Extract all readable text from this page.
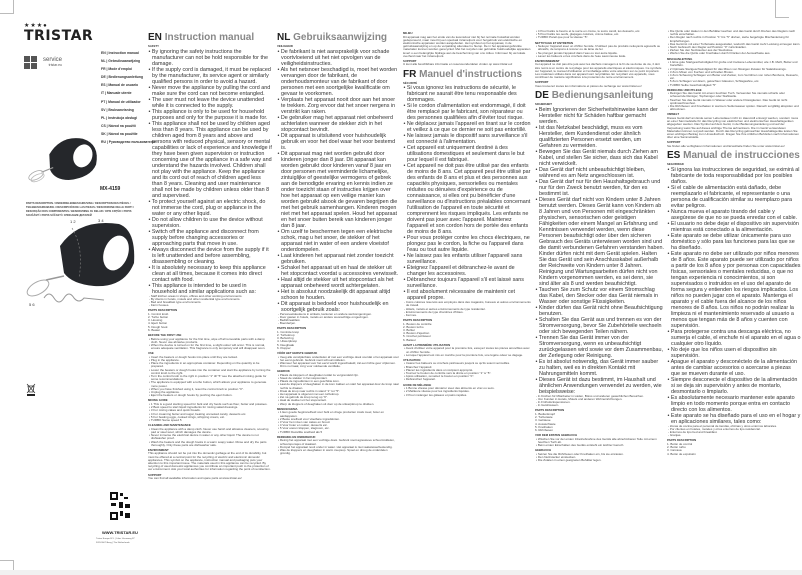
★★★●
TRISTAR
service
tristar.eu
EN | Instruction manual
NL | Gebruiksaanwijzing
FR | Mode d'emploi
DE | Bedienungsanleitung
ES | Manual de usuario
IT | Manuale utente
PT | Manual de utilizador
SV | Bruksanvisning
PL | Instrukcja obsługi
CS | Návod na použití
SK | Návod na použitie
RU | Руководство пользователя
MX-4159
PARTS DESCRIPTION / ONDERDELENBESCHRIJVING / DESCRIPTION DES PIÈCES / TEILEBESCHREIBUNG / DESCRIPCIÓN DE LAS PIEZAS / DESCRIZIONE DELLE PARTI / DESCRIÇÃO DOS COMPONENTES / BESKRIVNING AV DELAR / OPIS CZĘŚCI / POPIS SOUČÁSTÍ / POPIS SÚČASTÍ / ОПИСАНИЕ ДЕТАЛЕЙ
1 2	3 4
5 6
WWW.TRISTAR.EU
Tristar Europe B.V. | Jules Verneweg 87
5015 BH Tilburg | The Netherlands
EN Instruction manual
SAFETY
• By ignoring the safety instructions the manufacturer can not be hold responsible for the damage.
• If the supply cord is damaged, it must be replaced by the manufacturer, its service agent or similarly qualified persons in order to avoid a hazard.
• Never move the appliance by pulling the cord and make sure the cord can not become entangled.
• The user must not leave the device unattended while it is connected to the supply.
• This appliance is only to be used for household purposes and only for the purpose it is made for.
• This appliance shall not be used by children aged less than 8 years. This appliance can be used by children aged from 8 years and above and persons with reduced physical, sensory or mental capabilities or lack of experience and knowledge if they have been given supervision or instruction concerning use of the appliance in a safe way and understand the hazards involved. Children shall not play with the appliance. Keep the appliance and its cord out of reach of children aged less than 8 years. Cleaning and user maintenance shall not be made by children unless older than 8 and supervised.
• To protect yourself against an electric shock, do not immerse the cord, plug or appliance in the water or any other liquid.
• Do not allow children to use the device without supervision.
• Switch off the appliance and disconnect from supply before changing accessories or approaching parts that move in use.
• Always disconnect the device from the supply if it is left unattended and before assembling, disassembling or cleaning.
• It is absolutely necessary to keep this appliance clean at all times, because it comes into direct contact with food.
• This appliance is intended to be used in household and similar applications such as:
- Staff kitchen areas in shops, offices and other working environments.
- By clients in hotels, motels and other residential type environments.
- Bed and breakfast type environments.
- Farm houses.
PARTS DESCRIPTION
1. Control knob
2. Turbo button
3. Housing
4. Eject button
5. Dough hook
6. Beater
BEFORE THE FIRST USE
• Before using your appliance for the first time, wipe off all removable parts with a damp cloth. Never use abrasive products.
• When the device is turned on for the first time, a slight odour will occur. This is normal, ensure adequate ventilation. This fragrance is only temporary and will disappear soon.
USE
• Insert the beaters or dough hooks into place until they are locked.
• Plug in the appliance.
• Place the ingredients in an appropriate container. Depending on the quantity to be prepared.
• Lower the beaters or dough hooks into the container and start the appliance by turning the control knob to the right.
• Turn the control knob to the right in position "1" till "5" see the attached mixing guide for some recommendations.
• The appliance is equipped with a turbo button, which allows your appliance to generate more power.
• When you have finished using it, reset the control knob to position "0".
• Unplug the appliance.
• Eject the beaters or dough hooks by pushing the eject button.
MIXING GUIDE
• 1 This is a good starting speed for bulk and dry foods such as flour, butter and potatoes.
• 2 Best speed to start liquid ingredients for mixing salad dressings.
• 3 For mixing cakes and quick breads.
• 4 For creaming butter and sugar, beating uncooked candy, desserts etc.
• 5 For beating eggs, cooked icings, whipping cream, etc.
• TURBO Same speed 5
CLEANING AND MAINTENANCE
• Clean the appliance with a damp cloth. Never use harsh and abrasive cleaners, scouring pad or steel wool, which damages the device.
• Never immerse the electrical device in water or any other liquid. The device is not dishwasher proof.
• Wash the beaters and the dough hooks in a warm soapy water. Rinse and dry the parts thoroughly. Only these parts are dishwasher safe.
ENVIRONMENT
This appliance should not be put into the domestic garbage at the end of its durability, but must be offered at a central point for the recycling of electric and electronic domestic appliances. This symbol on the appliance, instruction manual and packaging puts your attention to this important issue. The materials used in this appliance can be recycled. By recycling of used domestic appliances you contribute an important push to the protection of our environment. Ask your local authorities for information regarding the point of recollection.
SUPPORT
You can find all available information and spare parts at www.tristar.eu!
NL Gebruiksaanwijzing
VEILIGHEID
• De fabrikant is niet aansprakelijk voor schade voortvloeiend uit het niet opvolgen van de veiligheidsinstructies.
• Als het netsnoer beschadigd is, moet het worden vervangen door de fabrikant, de onderhoudsmonteur van de fabrikant of door personen met een soortgelijke kwalificatie om gevaar te voorkomen.
• Verplaats het apparaat nooit door aan het snoer te trekken. Zorg ervoor dat het snoer nergens in verstrikt kan raken.
• De gebruiker mag het apparaat niet onbeheerd achterlaten wanneer de stekker zich in het stopcontact bevindt.
• Dit apparaat is uitsluitend voor huishoudelijk gebruik en voor het doel waar het voor bestemd is.
• Dit apparaat mag niet worden gebruikt door kinderen jonger dan 8 jaar. Dit apparaat kan worden gebruikt door kinderen vanaf 8 jaar en door personen met verminderde lichamelijke, zintuiglijke of geestelijke vermogens of gebrek aan de benodigde ervaring en kennis indien ze onder toezicht staan of instructies krijgen over hoe het apparaat op een veilige manier kan worden gebruikt alsook de gevaren begrijpen die met het gebruik samenhangen. Kinderen mogen niet met het apparaat spelen. Houd het apparaat en het snoer buiten bereik van kinderen jonger dan 8 jaar.
• Om uzelf te beschermen tegen een elektrische schok, mag u het snoer, de stekker of het apparaat niet in water of een andere vloeistof onderdompelen.
• Laat kinderen het apparaat niet zonder toezicht gebruiken.
• Schakel het apparaat uit en haal de stekker uit het stopcontact voordat u accessoires verwisselt.
• Haal altijd de stekker uit het stopcontact als het apparaat onbeheerd wordt achtergelaten.
• Het is absoluut noodzakelijk dit apparaat altijd schoon te houden.
• Dit apparaat is bedoeld voor huishoudelijk en soortgelijk gebruik zoals:
- Personeelskeukens in winkels, kantoren en andere werkomgevingen.
- Door gasten in hotels, motels en andere woonachtige omgevingen.
- Bed&breakfast.
- Boerderijen.
PARTS DESCRIPTION
1. Controle knop
2. Turboknop
3. Behuizing
4. Uitwerpknop
5. Deeghaak
6. Klopper
VÓÓR HET EERSTE GEBRUIK
• Veeg alle verwijderbare onderdelen af met een vochtige doek voordat u het apparaat voor het eerst gebruikt. Gebruik nooit schuurmiddelen.
• Wanneer het apparaat voor het eerst wordt ingeschakeld, zal een lichte geur vrijkomen. Dit is normaal, zorg voor voldoende ventilatie.
GEBRUIK
• Plaats de kloppers of deeghaken totdat ze vergrendeld zijn.
• Steek de stekker in het stopcontact.
• Plaats de ingrediënten in een geschikte kom.
• Laat de kloppers of deeghaken in de kom zakken en start het apparaat door de knop naar rechts te draaien.
• Draai de knop naar rechts in stand "1" tot "5".
• Het apparaat is uitgerust met een turboknop.
• Zet na gebruik de knop terug op "0".
• Haal de stekker uit het stopcontact.
• Werp de kloppers of deeghaken uit door op de uitwerpknop te drukken.
MENGSCHEMA
• 1 Een goede beginsnelheid voor bulk en droge producten zoals meel, boter en aardappelen.
• 2 Beste snelheid voor vloeibare ingrediënten.
• 3 Voor het mixen van cakes en brood.
• 4 Voor boter en suiker, desserts etc.
• 5 Voor eieren kloppen, slagroom, etc.
• TURBO Dezelfde snelheid als 5
REINIGING EN ONDERHOUD
• Reinig het apparaat met een vochtige doek. Gebruik nooit agressieve schuurmiddelen, schuursponsjes of staalwol.
• Dompel het apparaat nooit onder in water. Het apparaat is niet vaatwasserbestendig.
• Was de kloppers en deeghaken in warm zeepsop. Spoel en droog de onderdelen grondig.
MILIEU
Dit apparaat mag aan het einde van de levensduur niet bij het normale huisafval worden gedeponeerd, maar moet bij een speciaal inzamelpunt voor hergebruik van elektrische en elektronische apparaten worden aangeboden. Het symbool op het apparaat, in de gebruiksaanwijzing en op de verpakking attendeert u hierop. De in het apparaat gebruikte materialen kunnen worden gerecycled. Met het recyclen van gebruikte huishoudelijke apparaten levert u een belangrijke bijdrage aan de bescherming van ons milieu. Informeer bij uw lokale overheid naar het inzamelpunt.
SUPPORT
U kunt alle beschikbare informatie en reserveonderdelen vinden op www.tristar.eu!
FR Manuel d'instructions
SÉCURITÉ
• Si vous ignorez les instructions de sécurité, le fabricant ne saurait être tenu responsable des dommages.
• Si le cordon d'alimentation est endommagé, il doit être remplacé par le fabricant, son réparateur ou des personnes qualifiées afin d'éviter tout risque.
• Ne déplacez jamais l'appareil en tirant sur le cordon et veillez à ce que ce dernier ne soit pas entortillé.
• Ne laissez jamais le dispositif sans surveillance s'il est connecté à l'alimentation.
• Cet appareil est uniquement destiné à des utilisations domestiques et seulement dans le but pour lequel il est fabriqué.
• Cet appareil ne doit pas être utilisé par des enfants de moins de 8 ans. Cet appareil peut être utilisé par des enfants de 8 ans et plus et des personnes aux capacités physiques, sensorielles ou mentales réduites ou dénuées d'expérience ou de connaissance, si elles ont pu bénéficier d'une surveillance ou d'instructions préalables concernant l'utilisation de l'appareil en toute sécurité et comprennent les risques impliqués. Les enfants ne doivent pas jouer avec l'appareil. Maintenez l'appareil et son cordon hors de portée des enfants de moins de 8 ans.
• Pour vous protéger contre les chocs électriques, ne plongez pas le cordon, la fiche ou l'appareil dans l'eau ou tout autre liquide.
• Ne laissez pas les enfants utiliser l'appareil sans surveillance.
• Éteignez l'appareil et débranchez-le avant de changer les accessoires.
• Débranchez toujours l'appareil s'il est laissé sans surveillance.
• Il est absolument nécessaire de maintenir cet appareil propre.
- Coins cuisines réservés aux employés dans des magasins, bureaux et autres environnements de travail.
- Hôtels, motels et autres environnements de type résidentiel.
- Environnements de type chambres d'hôtes.
- Fermes.
PARTS DESCRIPTION
1. Bouton de contrôle
2. Bouton turbo
3. Boîtier
4. Bouton d'éjection
5. Crochet pétrisseur
6. Batteur
AVANT LA PREMIÈRE UTILISATION
• Avant d'utiliser votre appareil pour la première fois, essuyez toutes les pièces amovibles avec un chiffon humide.
• Lorsque l'appareil est mis en marche pour la première fois, une légère odeur se dégage.
UTILISATION
• Insérez les batteurs ou crochets pétrisseurs jusqu'à ce qu'ils soient verrouillés.
• Branchez l'appareil.
• Placez les ingrédients dans un récipient approprié.
• Tournez le bouton de contrôle vers la droite en position "1" à "5".
• Après utilisation, remettez le bouton en position "0".
• Débranchez l'appareil.
GUIDE DE MÉLANGE
• 1 Bonne vitesse pour démarrer avec des aliments en vrac ou secs.
• 2 Meilleure vitesse pour les ingrédients liquides.
• 3 Pour mélanger les gâteaux et pains rapides.
• 4 Pour battre le beurre et le sucre en crème, le sucre candi, les desserts, etc.
• 5 Pour battre les oeufs, glaçages cuisinés, crème battue, etc.
• TURBO Pareil que pour la vitesse "5".
NETTOYAGE ET ENTRETIEN
• Nettoyer l'appareil avec un chiffon humide. N'utilisez pas de produits nettoyants agressifs ou abrasifs, de tampons à récurer ou de laine de fer.
• Ne plongez jamais l'appareil dans l'eau ou tout autre liquide.
• Lavez les batteurs et les crochets dans de l'eau savonneuse tiède.
ENVIRONNEMENT
Cet appareil ne doit pas être jeté avec les déchets ménagers à la fin de sa durée de vie, il doit être remis à un centre de recyclage pour les appareils électriques et électroniques. Ce symbole sur l'appareil, le manuel d'utilisation et l'emballage attire votre attention sur ce point important. Les matériaux utilisés dans cet appareil sont recyclables. En recyclant vos appareils, vous contribuez de manière significative à la protection de notre environnement.
SUPPORT
Vous trouverez toutes les informations et pièces de rechange sur www.tristar.eu!
DE Bedienungsanleitung
SICHERHEIT
• Beim Ignorieren der Sicherheitshinweise kann der Hersteller nicht für Schäden haftbar gemacht werden.
• Ist das Netzkabel beschädigt, muss es vom Hersteller, dem Kundendienst oder ähnlich qualifizierten Personen ersetzt werden, um Gefahren zu vermeiden.
• Bewegen Sie das Gerät niemals durch Ziehen am Kabel, und stellen Sie sicher, dass sich das Kabel nicht verwickelt.
• Das Gerät darf nicht unbeaufsichtigt bleiben, während es am Netz angeschlossen ist.
• Das Gerät darf nur für den Haushaltsgebrauch und nur für den Zweck benutzt werden, für den es bestimmt ist.
• Dieses Gerät darf nicht von Kindern unter 8 Jahren benutzt werden. Dieses Gerät kann von Kindern ab 8 Jahren und von Personen mit eingeschränkten physischen, sensorischen oder geistigen Fähigkeiten oder einem Mangel an Erfahrung und Kenntnissen verwendet werden, wenn diese Personen beaufsichtigt oder über den sicheren Gebrauch des Geräts unterwiesen worden sind und die damit verbundenen Gefahren verstanden haben. Kinder dürfen nicht mit dem Gerät spielen. Halten Sie das Gerät und sein Anschlusskabel außerhalb der Reichweite von Kindern unter 8 Jahren. Reinigung und Wartungsarbeiten dürfen nicht von Kindern vorgenommen werden, es sei denn, sie sind älter als 8 und werden beaufsichtigt.
• Tauchen Sie zum Schutz vor einem Stromschlag das Kabel, den Stecker oder das Gerät niemals in Wasser oder sonstige Flüssigkeiten.
• Kinder dürfen das Gerät nicht ohne Beaufsichtigung benutzen.
• Schalten Sie das Gerät aus und trennen es von der Stromversorgung, bevor Sie Zubehörteile wechseln oder sich bewegenden Teilen nähern.
• Trennen Sie das Gerät immer von der Stromversorgung, wenn es unbeaufsichtigt zurückgelassen wird sowie vor dem Zusammenbau, der Zerlegung oder Reinigung.
• Es ist absolut notwendig, das Gerät immer sauber zu halten, weil es in direkten Kontakt mit Nahrungsmitteln kommt.
• Dieses Gerät ist dazu bestimmt, im Haushalt und ähnlichen Anwendungen verwendet zu werden, wie beispielsweise:
- In Küchen für Mitarbeiter in Läden, Büros und anderen gewerblichen Bereichen.
- Von Kunden in Hotels, Motels und anderen Wohneinrichtungen.
- In Frühstückspensionen.
- In Gutshäusern.
PARTS DESCRIPTION
1. Bedienknopf
2. Turbotaste
3. Gehäuse
4. Auswurftaste
5. Knethaken
6. Rührbesen
VOR DEM ERSTEN GEBRAUCH
• Wischen Sie vor der ersten Inbetriebnahme des Geräts alle abnehmbaren Teile mit einem feuchten Tuch ab.
• Beim ersten Einschalten des Geräts entsteht ein leichter Geruch.
GEBRAUCH
• Setzen Sie die Rührbesen oder Knethaken ein, bis sie einrasten.
• Den Netzstecker einstecken.
• Die Zutaten in einen geeigneten Behälter legen.
• Die Quirle oder Haken in den Behälter tauchen und das Gerät durch Drehen des Reglers nach rechts einschalten.
• Den Regler nach rechts in Position "1" bis "5" drehen, siehe beigefügte Mischanleitung für Empfehlungen.
• Das Gerät ist mit einer Turbotaste ausgestattet, wodurch das Gerät mehr Leistung erzeugen kann.
• Nach Gebrauch den Regler auf Position "0" zurückstellen.
• Ziehen Sie den Netzstecker aus der Steckdose.
• Werfen Sie die Quirle oder Knethaken durch Drücken der Auswurftaste aus.
MISCHANLEITUNG
• 1 Eine gute Startgeschwindigkeit für große und trockene Lebensmittel, wie z.B. Mehl, Butter und Kartoffeln.
• 2 Optimale Startgeschwindigkeit für das Mixen von flüssigen Zutaten für Salatdressings.
• 3 Zum Mixen von Kuchen und schnellen Broten.
• 4 Zum Schaumig Schlagen von Butter und Zucker, zum Verrühren von rohen Bonbons, Desserts, etc.
• 5 Zum Schlagen von Eiern, gekochten Glasuren, Schlagsahne, etc.
• TURBO Selbe Geschwindigkeit "5"
REINIGUNG UND PFLEGE
• Reinigen Sie das Gerät mit einem feuchten Tuch. Verwenden Sie niemals scharfe oder scheuernde Reiniger, Topfreiniger oder Stahlwolle.
• Tauchen Sie das Gerät niemals in Wasser oder andere Flüssigkeiten. Das Gerät ist nicht spülmaschinenfest.
• Die Rührbesen und Knethaken in warmem Seifenwasser spülen. Danach sorgfältig abspülen und abtrocknen.
UMWELT
Dieses Gerät darf am Ende seiner Lebensdauer nicht im Hausmüll entsorgt werden, sondern muss an einer Sammelstelle für das Recycling von elektrischen und elektronischen Haushaltsgeräten abgegeben werden. Das Symbol auf dem Gerät, in der Bedienungsanleitung und auf der Verpackung weist Sie auf dieses wichtige Thema aufmerksam. Die im Gerät verwendeten Materialien können recycelt werden. Durch das Recycling gebrauchter Haushaltsgeräte leisten Sie einen wichtigen Beitrag zum Umweltschutz. Fragen Sie Ihre örtlichen Behörden nach Informationen über eine Sammelstelle.
SUPPORT
Sie finden alle verfügbaren Informationen und Ersatzteile finden Sie unter www.tristar.eu!
ES Manual de instrucciones
SEGURIDAD
• Si ignora las instrucciones de seguridad, se eximirá al fabricante de toda responsabilidad por los posibles daños.
• Si el cable de alimentación está dañado, debe reemplazarlo el fabricante, el representante o una persona de cualificación similar su reemplazo para evitar peligros.
• Nunca mueva el aparato tirando del cable y asegúrese de que no se pueda enredar con el cable.
• El usuario no debe dejar el dispositivo sin supervisión mientras está conectado a la alimentación.
• Este aparato se debe utilizar únicamente para uso doméstico y sólo para las funciones para las que se ha diseñado.
• Este aparato no debe ser utilizado por niños menores de 8 años. Este aparato puede ser utilizado por niños a partir de los 8 años y por personas con capacidades físicas, sensoriales o mentales reducidas, o que no tengan experiencia ni conocimientos, si son supervisados o instruidos en el uso del aparato de forma segura y entienden los riesgos implicados. Los niños no pueden jugar con el aparato. Mantenga el aparato y el cable fuera del alcance de los niños menores de 8 años. Los niños no podrán realizar la limpieza ni el mantenimiento reservado al usuario a menos que tengan más de 8 años y cuenten con supervisión.
• Para protegerse contra una descarga eléctrica, no sumerja el cable, el enchufe ni el aparato en el agua o cualquier otro líquido.
• No deje que los niños usen el dispositivo sin supervisión.
• Apague el aparato y desconéctelo de la alimentación antes de cambiar accesorios o acercarse a piezas que se mueven durante el uso.
• Siempre desconecte el dispositivo de la alimentación si se deja sin supervisión y antes de montarlo, desmontarlo o limpiarlo.
• Es absolutamente necesario mantener este aparato limpio en todo momento porque entra en contacto directo con los alimentos.
• Este aparato se ha diseñado para el uso en el hogar y en aplicaciones similares, tales como:
- Zonas de cocina para el personal de tiendas, oficinas y otros entornos laborales.
- Por clientes en hoteles, moteles y otros entornos de tipo residencial.
- Entornos de tipo bed and breakfast.
- Granjas.
PARTS DESCRIPTION
1. Botón de control
2. Botón turbo
3. Carcasa
4. Botón de expulsión
